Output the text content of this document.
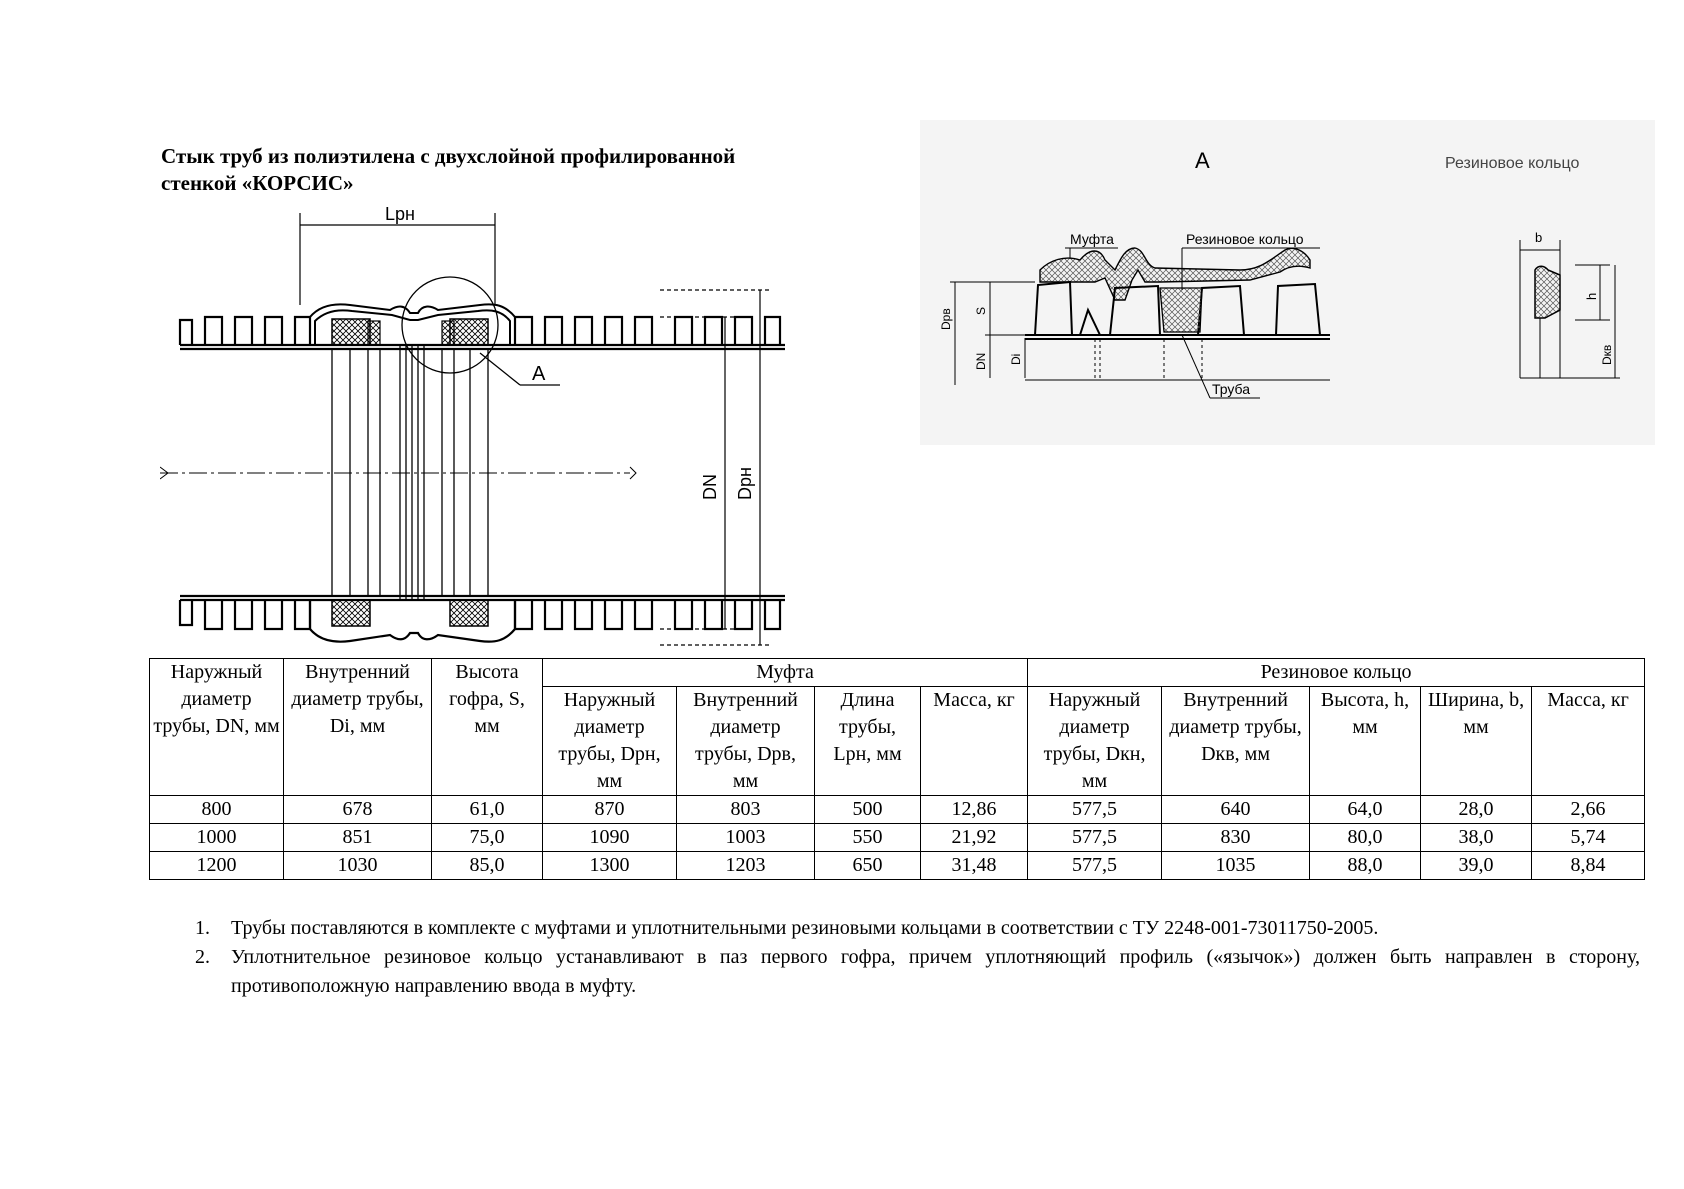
Стык труб из полиэтилена с двухслойной профилированной
стенкой «КОРСИС»
A
Lрн
DN Dрн
A	Резиновое кольцо
Муфта	Резиновое кольцо
Труба
Dрв S
DN Di
b
h
Dкв
Наружный диаметр трубы, DN, мм	Внутренний диаметр трубы, Di, мм	Высота гофра, S, мм	Муфта				Резиновое кольцо				
			Наружный диаметр трубы, Dрн, мм	Внутренний диаметр трубы, Dрв, мм	Длина трубы, Lрн, мм	Масса, кг	Наружный диаметр трубы, Dкн, мм	Внутренний диаметр трубы, Dкв, мм	Высота, h, мм	Ширина, b, мм	Масса, кг
800	678	61,0	870	803	500	12,86	577,5	640	64,0	28,0	2,66
1000	851	75,0	1090	1003	550	21,92	577,5	830	80,0	38,0	5,74
1200	1030	85,0	1300	1203	650	31,48	577,5	1035	88,0	39,0	8,84
1. Трубы поставляются в комплекте с муфтами и уплотнительными резиновыми кольцами в соответствии с ТУ 2248-001-73011750-2005.
2. Уплотнительное резиновое кольцо устанавливают в паз первого гофра, причем уплотняющий профиль («язычок») должен быть направлен в сторону, противоположную направлению ввода в муфту.
